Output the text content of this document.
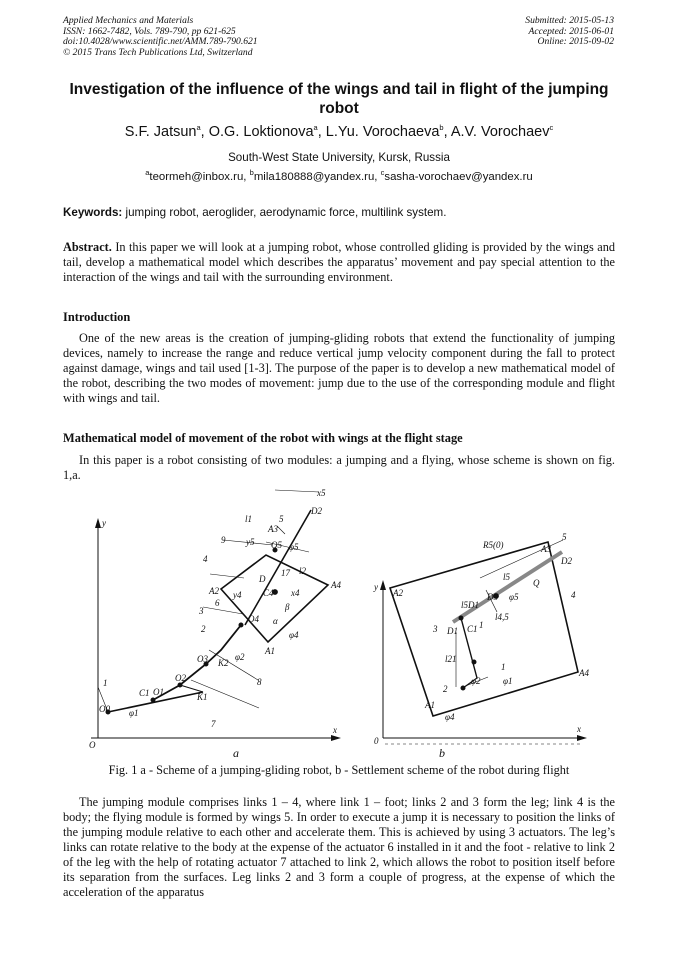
Applied Mechanics and Materials
ISSN: 1662-7482, Vols. 789-790, pp 621-625
doi:10.4028/www.scientific.net/AMM.789-790.621
© 2015 Trans Tech Publications Ltd, Switzerland
Submitted: 2015-05-13
Accepted: 2015-06-01
Online: 2015-09-02
Investigation of the influence of the wings and tail in flight of the jumping robot
S.F. Jatsun$^a$, O.G. Loktionova$^a$, L.Yu. Vorochaeva$^b$, A.V. Vorochaev$^c$
South-West State University, Kursk, Russia
$^a$teormeh@inbox.ru, $^b$mila180888@yandex.ru, $^c$sasha-vorochaev@yandex.ru
Keywords: jumping robot, aeroglider, aerodynamic force, multilink system.

Abstract. In this paper we will look at a jumping robot, whose controlled gliding is provided by the wings and tail, develop a mathematical model which describes the apparatus’ movement and pay special attention to the interaction of the wings and tail with the surrounding environment.

Introduction

One of the new areas is the creation of jumping-gliding robots that extend the functionality of jumping devices, namely to increase the range and reduce vertical jump velocity component during the fall to protect against damage, wings and tail used [1-3]. The purpose of the paper is to develop a new mathematical model of the robot, describing the two modes of movement: jump due to the use of the corresponding module and flight with wings and tail.

Mathematical model of movement of the robot with wings at the flight stage

In this paper is a robot consisting of two modules: a jumping and a flying, whose scheme is shown on fig. 1,a.

y
x
O
x5
D2
A3
5
l1
9 y5 O5 φ5
4
D
17 l2
A2 y4 C4 x4
A4
β
3
6
O4 α
φ4
2
A1
O3 K2
φ2
8
O2
C1 O1	K1
1
O0 φ1
7
y
x
0
R5(0)	A3
5
D2
A2
Q
4
l5
l5D1
D5 φ5
l4,5
3 D1 C1 1
l21
φ2
1
φ1
2
A4
A1
φ4
a	b
Fig. 1 a - Scheme of a jumping-gliding robot, b - Settlement scheme of the robot during flight

The jumping module comprises links 1 – 4, where link 1 – foot; links 2 and 3 form the leg; link 4 is the body; the flying module is formed by wings 5. In order to execute a jump it is necessary to position the links of the jumping module relative to each other and accelerate them. This is achieved by using 3 actuators. The leg’s links can rotate relative to the body at the expense of the actuator 6 installed in it and the foot - relative to link 2 of the leg with the help of rotating actuator 7 attached to link 2, which allows the robot to position itself before its separation from the surfaces. Leg links 2 and 3 form a couple of progress, at the expense of which the acceleration of the apparatus
